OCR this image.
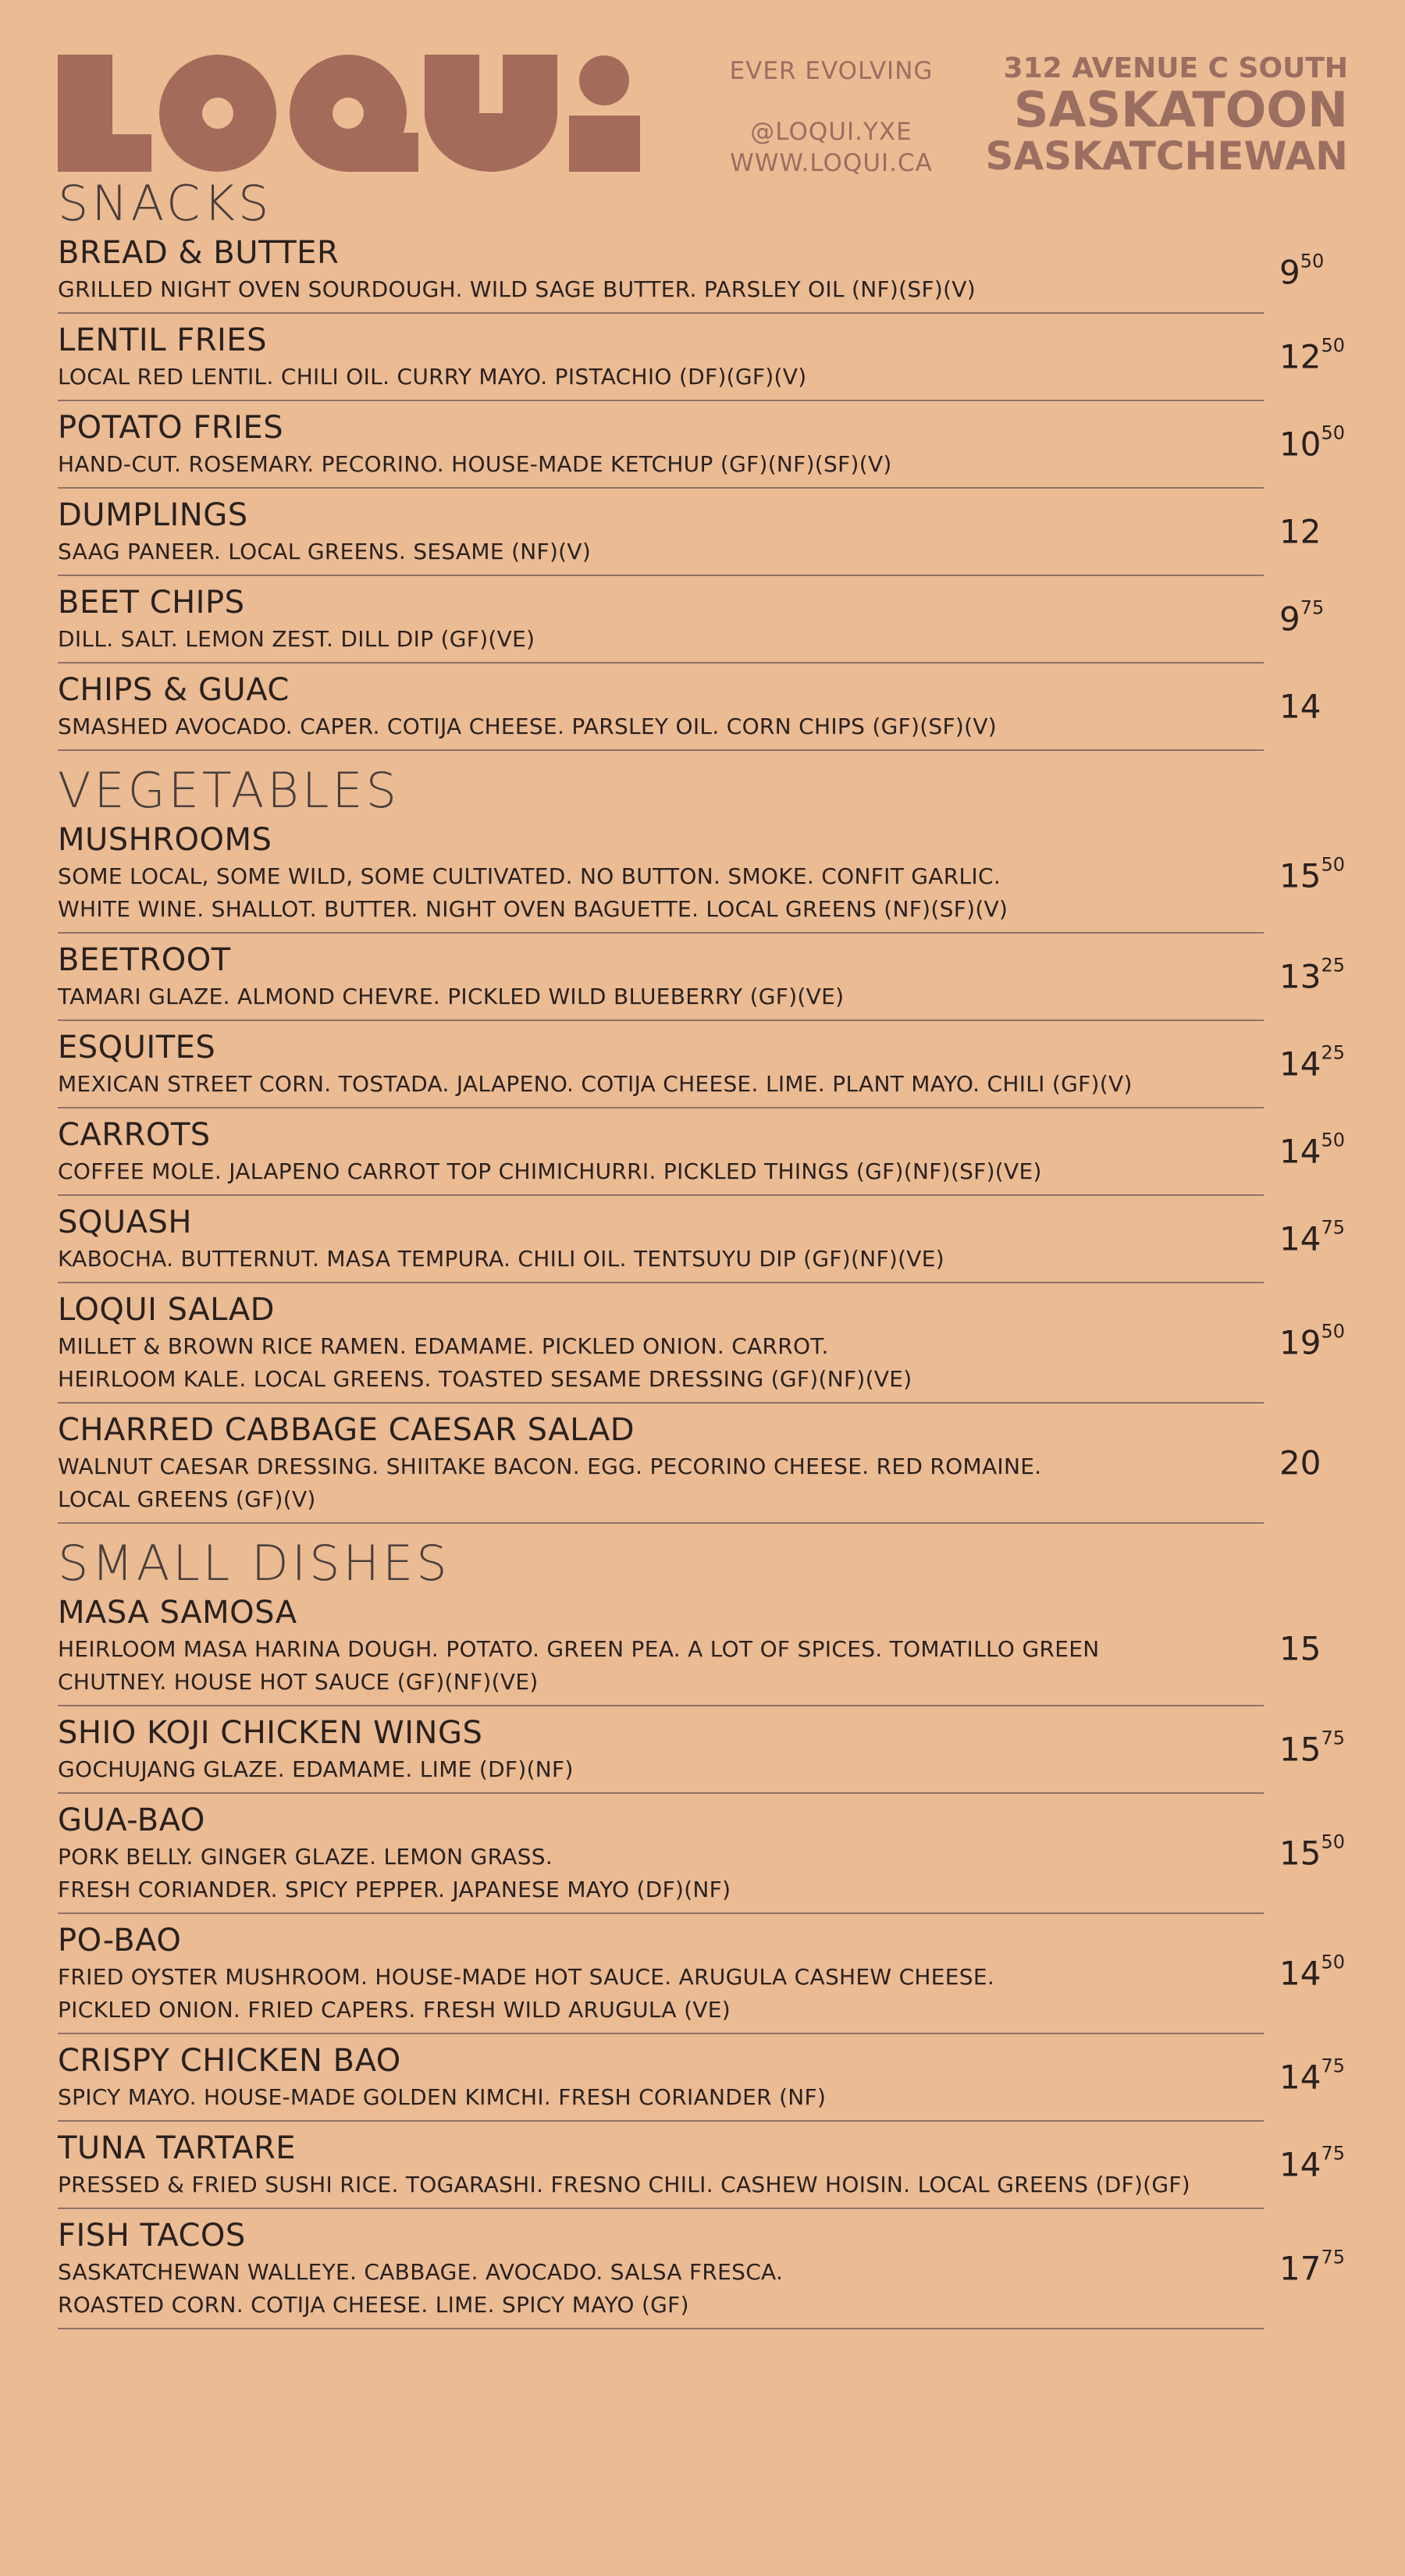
EVER EVOLVING
@LOQUI.YXE
WWW.LOQUI.CA
312 AVENUE C SOUTH
SASKATOON
SASKATCHEWAN
SNACKS
BREAD & BUTTER
GRILLED NIGHT OVEN SOURDOUGH. WILD SAGE BUTTER. PARSLEY OIL (NF)(SF)(V)	$9^{50}$
LENTIL FRIES
LOCAL RED LENTIL. CHILI OIL. CURRY MAYO. PISTACHIO (DF)(GF)(V)
$12^{50}$
POTATO FRIES
HAND-CUT. ROSEMARY. PECORINO. HOUSE-MADE KETCHUP (GF)(NF)(SF)(V)
$10^{50}$
DUMPLINGS
SAAG PANEER. LOCAL GREENS. SESAME (NF)(V)
12
BEET CHIPS
DILL. SALT. LEMON ZEST. DILL DIP (GF)(VE)
$9^{75}$
CHIPS & GUAC
SMASHED AVOCADO. CAPER. COTIJA CHEESE. PARSLEY OIL. CORN CHIPS (GF)(SF)(V)
14
VEGETABLES
MUSHROOMS
SOME LOCAL, SOME WILD, SOME CULTIVATED. NO BUTTON. SMOKE. CONFIT GARLIC.
WHITE WINE. SHALLOT. BUTTER. NIGHT OVEN BAGUETTE. LOCAL GREENS (NF)(SF)(V)
$15^{50}$
BEETROOT
TAMARI GLAZE. ALMOND CHEVRE. PICKLED WILD BLUEBERRY (GF)(VE)
$13^{25}$
ESQUITES
MEXICAN STREET CORN. TOSTADA. JALAPENO. COTIJA CHEESE. LIME. PLANT MAYO. CHILI (GF)(V)
$14^{25}$
CARROTS
COFFEE MOLE. JALAPENO CARROT TOP CHIMICHURRI. PICKLED THINGS (GF)(NF)(SF)(VE)
$14^{50}$
SQUASH
KABOCHA. BUTTERNUT. MASA TEMPURA. CHILI OIL. TENTSUYU DIP (GF)(NF)(VE)
$14^{75}$
LOQUI SALAD
MILLET & BROWN RICE RAMEN. EDAMAME. PICKLED ONION. CARROT.
HEIRLOOM KALE. LOCAL GREENS. TOASTED SESAME DRESSING (GF)(NF)(VE)
$19^{50}$
CHARRED CABBAGE CAESAR SALAD
WALNUT CAESAR DRESSING. SHIITAKE BACON. EGG. PECORINO CHEESE. RED ROMAINE.
LOCAL GREENS (GF)(V)
20
SMALL DISHES
MASA SAMOSA
HEIRLOOM MASA HARINA DOUGH. POTATO. GREEN PEA. A LOT OF SPICES. TOMATILLO GREEN
CHUTNEY. HOUSE HOT SAUCE (GF)(NF)(VE)
15
SHIO KOJI CHICKEN WINGS
GOCHUJANG GLAZE. EDAMAME. LIME (DF)(NF)
$15^{75}$
GUA-BAO
PORK BELLY. GINGER GLAZE. LEMON GRASS.
FRESH CORIANDER. SPICY PEPPER. JAPANESE MAYO (DF)(NF)
$15^{50}$
PO-BAO
FRIED OYSTER MUSHROOM. HOUSE-MADE HOT SAUCE. ARUGULA CASHEW CHEESE.
PICKLED ONION. FRIED CAPERS. FRESH WILD ARUGULA (VE)
$14^{50}$
CRISPY CHICKEN BAO
SPICY MAYO. HOUSE-MADE GOLDEN KIMCHI. FRESH CORIANDER (NF)
$14^{75}$
TUNA TARTARE
PRESSED & FRIED SUSHI RICE. TOGARASHI. FRESNO CHILI. CASHEW HOISIN. LOCAL GREENS (DF)(GF)
$14^{75}$
FISH TACOS
SASKATCHEWAN WALLEYE. CABBAGE. AVOCADO. SALSA FRESCA.
ROASTED CORN. COTIJA CHEESE. LIME. SPICY MAYO (GF)
$17^{75}$
